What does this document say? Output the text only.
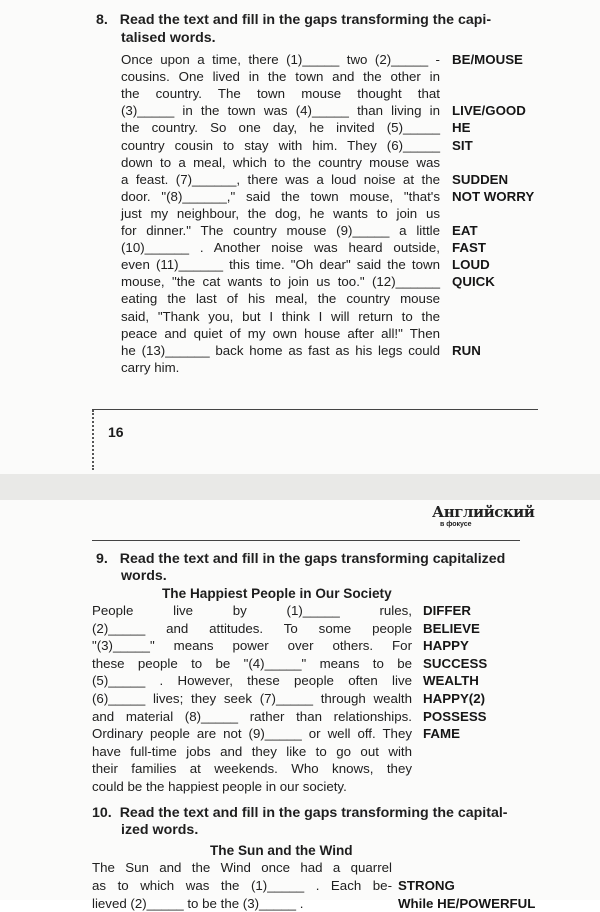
8. Read the text and fill in the gaps transforming the capi-
talised words.
Once upon a time, there (1)_____ two (2)_____ -
cousins. One lived in the town and the other in
the country. The town mouse thought that
(3)_____ in the town was (4)_____ than living in
the country. So one day, he invited (5)_____
country cousin to stay with him. They (6)_____
down to a meal, which to the country mouse was
a feast. (7)______, there was a loud noise at the
door. "(8)______," said the town mouse, "that's
just my neighbour, the dog, he wants to join us
for dinner." The country mouse (9)_____ a little
(10)______ . Another noise was heard outside,
even (11)______ this time. "Oh dear" said the town
mouse, "the cat wants to join us too." (12)______
eating the last of his meal, the country mouse
said, "Thank you, but I think I will return to the
peace and quiet of my own house after all!" Then
he (13)______ back home as fast as his legs could
carry him.
BE/MOUSE
LIVE/GOOD
HE
SIT
SUDDEN
NOT WORRY
EAT
FAST
LOUD
QUICK
RUN
16
Английский
в фокусе
9. Read the text and fill in the gaps transforming capitalized
words.
The Happiest People in Our Society
People live by (1)_____ rules,
(2)_____ and attitudes. To some people
"(3)_____" means power over others. For
these people to be "(4)_____" means to be
(5)_____ . However, these people often live
(6)_____ lives; they seek (7)_____ through wealth
and material (8)_____ rather than relationships.
Ordinary people are not (9)_____ or well off. They
have full-time jobs and they like to go out with
their families at weekends. Who knows, they
could be the happiest people in our society.
DIFFER
BELIEVE
HAPPY
SUCCESS
WEALTH
HAPPY(2)
POSSESS
FAME
10. Read the text and fill in the gaps transforming the capital-
ized words.
The Sun and the Wind
The Sun and the Wind once had a quarrel
as to which was the (1)_____ . Each be-
lieved (2)_____ to be the (3)_____ .
STRONG
While HE/POWERFUL
